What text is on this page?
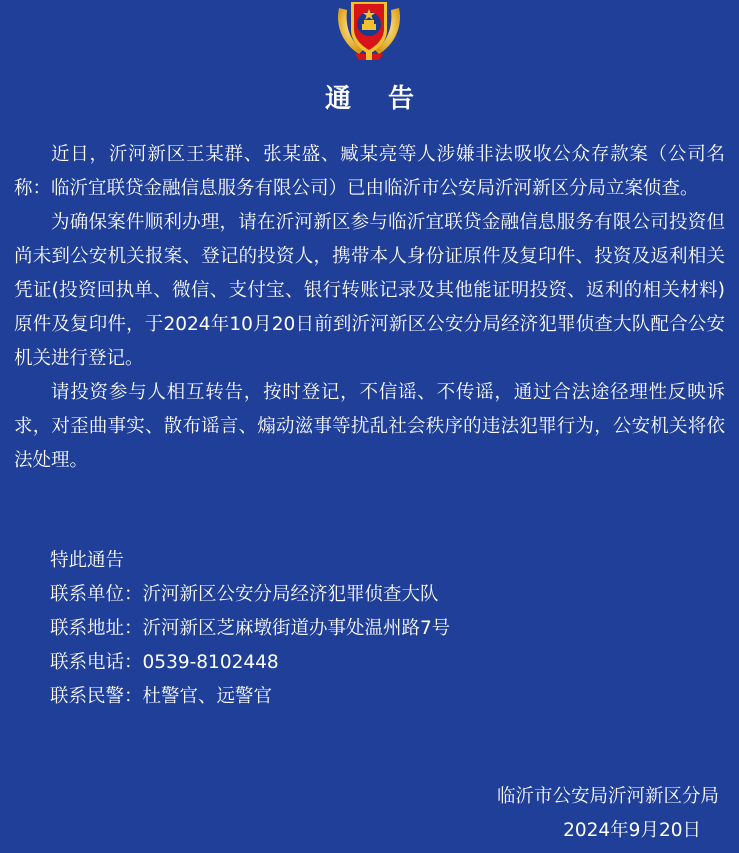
通 告

近日，沂河新区王某群、张某盛、臧某亮等人涉嫌非法吸收公众存款案（公司名称：临沂宜联贷金融信息服务有限公司）已由临沂市公安局沂河新区分局立案侦查。

为确保案件顺利办理，请在沂河新区参与临沂宜联贷金融信息服务有限公司投资但尚未到公安机关报案、登记的投资人，携带本人身份证原件及复印件、投资及返利相关凭证(投资回执单、微信、支付宝、银行转账记录及其他能证明投资、返利的相关材料)原件及复印件，于2024年10月20日前到沂河新区公安分局经济犯罪侦查大队配合公安机关进行登记。

请投资参与人相互转告，按时登记，不信谣、不传谣，通过合法途径理性反映诉求，对歪曲事实、散布谣言、煽动滋事等扰乱社会秩序的违法犯罪行为，公安机关将依法处理。

特此通告
联系单位 ： 沂河新区公安分局经济犯罪侦查大队
联系地址 ： 沂河新区芝麻墩街道办事处温州路7号
联系电话 ： 0539-8102448
联系民警 ： 杜警官、远警官
临沂市公安局沂河新区分局
2024年9月20日
